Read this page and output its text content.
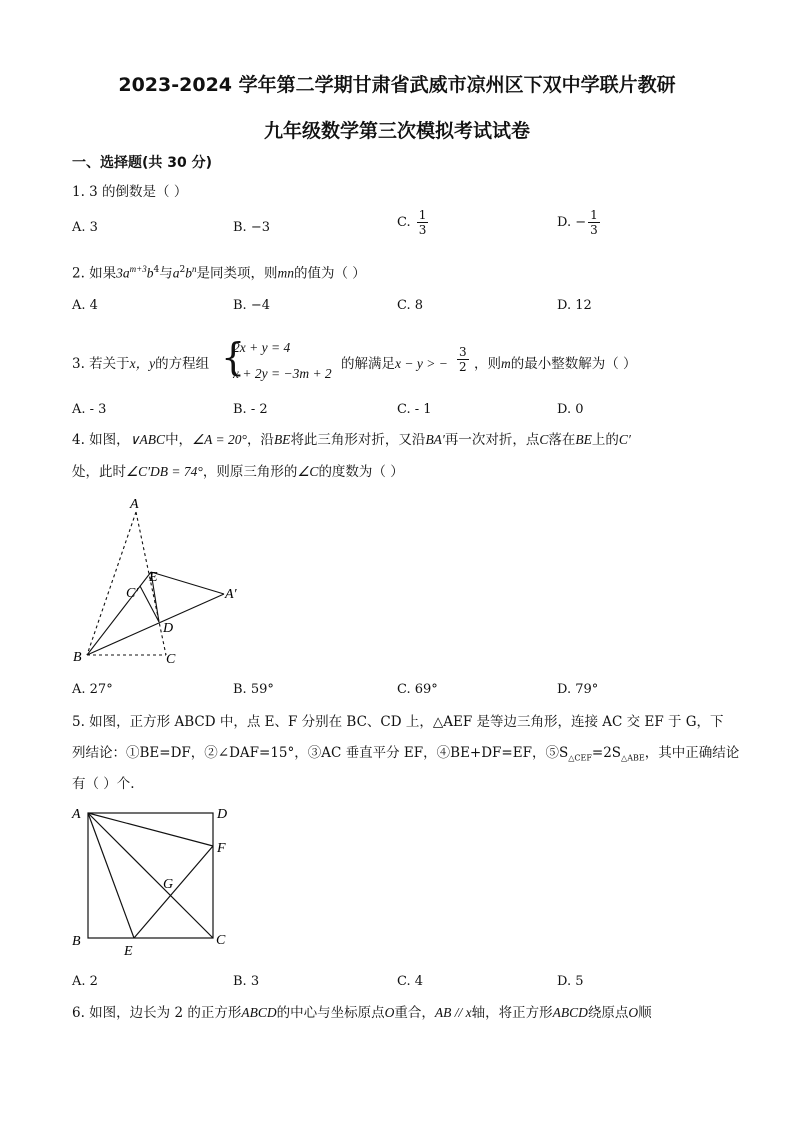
2023-2024 学年第二学期甘肃省武威市凉州区下双中学联片教研
九年级数学第三次模拟考试试卷
一、选择题(共 30 分)
1. 3 的倒数是（ ）
A. 3	B. −3	C. $\frac{1}{3}$	D. − $\frac{1}{3}$
2. 如果$3a^{m+3}b^4$与$a^2b^n$是同类项，则mn的值为（ ）
A. 4	B. −4	C. 8	D. 12
3. 若关于x，y的方程组 {
2x + y = 4
x + 2y = −3m + 2
的解满足x − y > − $\frac{3}{2}$ ，则m的最小整数解为（ ）
A. - 3	B. - 2	C. - 1	D. 0
4. 如图，∨ABC中，∠A = 20°，沿BE将此三角形对折，又沿BA′再一次对折，点C落在BE上的C′
处，此时∠C′DB = 74°，则原三角形的∠C的度数为（ ）
A
E
C′	A′
D
B	C
A. 27°	B. 59°	C. 69°	D. 79°
5. 如图，正方形 ABCD 中，点 E、F 分别在 BC、CD 上，△AEF 是等边三角形，连接 AC 交 EF 于 G，下
列结论：①BE=DF，②∠DAF=15°，③AC 垂直平分 EF，④BE+DF=EF，$⑤S_{\triangle CEF}=2S_{\triangle ABE}$，其中正确结论
有（ ）个.
A	D
F
G
B
E
C
A. 2	B. 3	C. 4	D. 5
6. 如图，边长为 2 的正方形ABCD的中心与坐标原点O重合，AB // x轴，将正方形ABCD绕原点O顺
